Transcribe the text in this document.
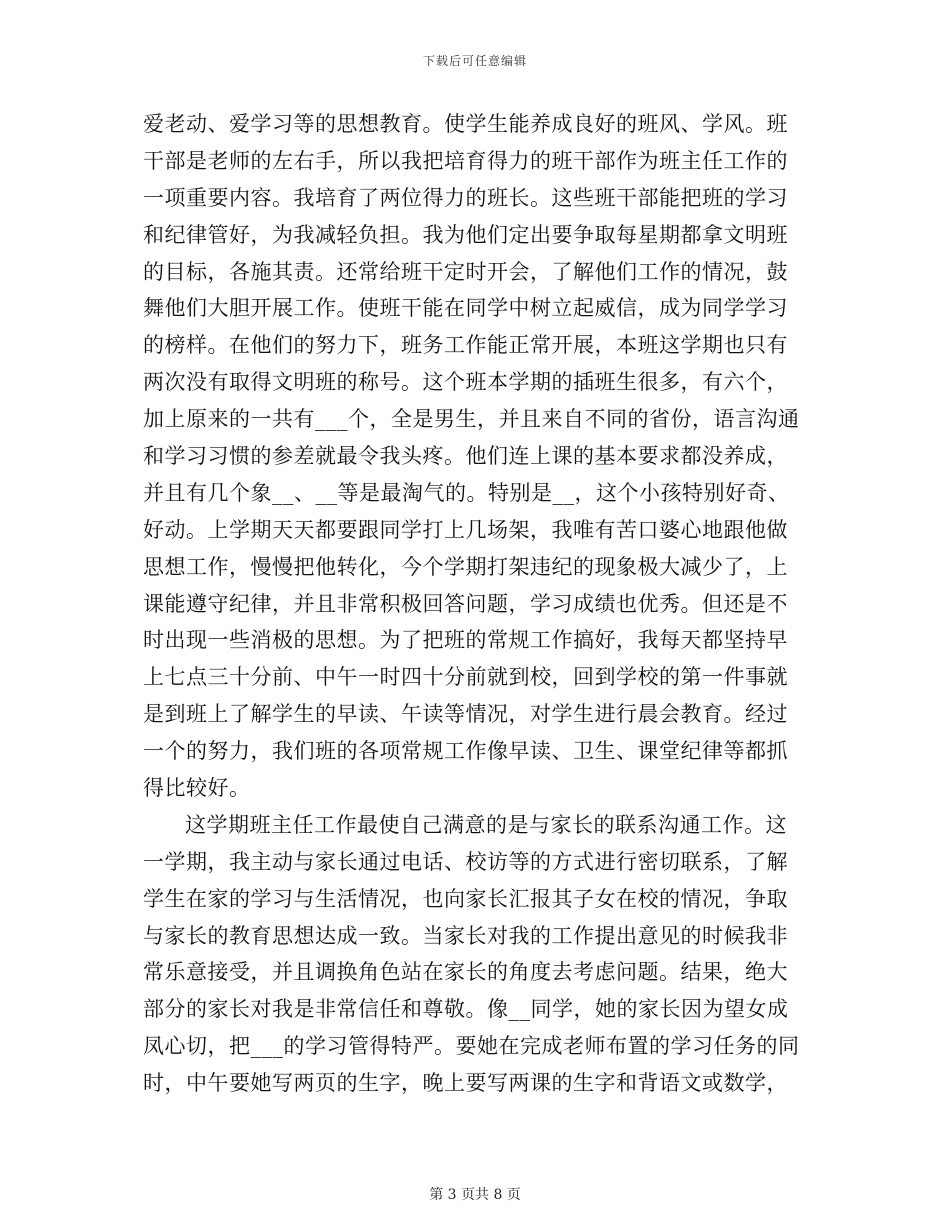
下载后可任意编辑
爱老动、爱学习等的思想教育。使学生能养成良好的班风、学风。班
干部是老师的左右手，所以我把培育得力的班干部作为班主任工作的
一项重要内容。我培育了两位得力的班长。这些班干部能把班的学习
和纪律管好，为我减轻负担。我为他们定出要争取每星期都拿文明班
的目标，各施其责。还常给班干定时开会，了解他们工作的情况，鼓
舞他们大胆开展工作。使班干能在同学中树立起威信，成为同学学习
的榜样。在他们的努力下，班务工作能正常开展，本班这学期也只有
两次没有取得文明班的称号。这个班本学期的插班生很多，有六个，
加上原来的一共有___个，全是男生，并且来自不同的省份，语言沟通
和学习习惯的参差就最令我头疼。他们连上课的基本要求都没养成，
并且有几个象__、__等是最淘气的。特别是__，这个小孩特别好奇、
好动。上学期天天都要跟同学打上几场架，我唯有苦口婆心地跟他做
思想工作，慢慢把他转化，今个学期打架违纪的现象极大减少了，上
课能遵守纪律，并且非常积极回答问题，学习成绩也优秀。但还是不
时出现一些消极的思想。为了把班的常规工作搞好，我每天都坚持早
上七点三十分前、中午一时四十分前就到校，回到学校的第一件事就
是到班上了解学生的早读、午读等情况，对学生进行晨会教育。经过
一个的努力，我们班的各项常规工作像早读、卫生、课堂纪律等都抓
得比较好。
这学期班主任工作最使自己满意的是与家长的联系沟通工作。这
一学期，我主动与家长通过电话、校访等的方式进行密切联系，了解
学生在家的学习与生活情况，也向家长汇报其子女在校的情况，争取
与家长的教育思想达成一致。当家长对我的工作提出意见的时候我非
常乐意接受，并且调换角色站在家长的角度去考虑问题。结果，绝大
部分的家长对我是非常信任和尊敬。像__同学，她的家长因为望女成
凤心切，把___的学习管得特严。要她在完成老师布置的学习任务的同
时，中午要她写两页的生字，晚上要写两课的生字和背语文或数学，
第 3 页共 8 页
